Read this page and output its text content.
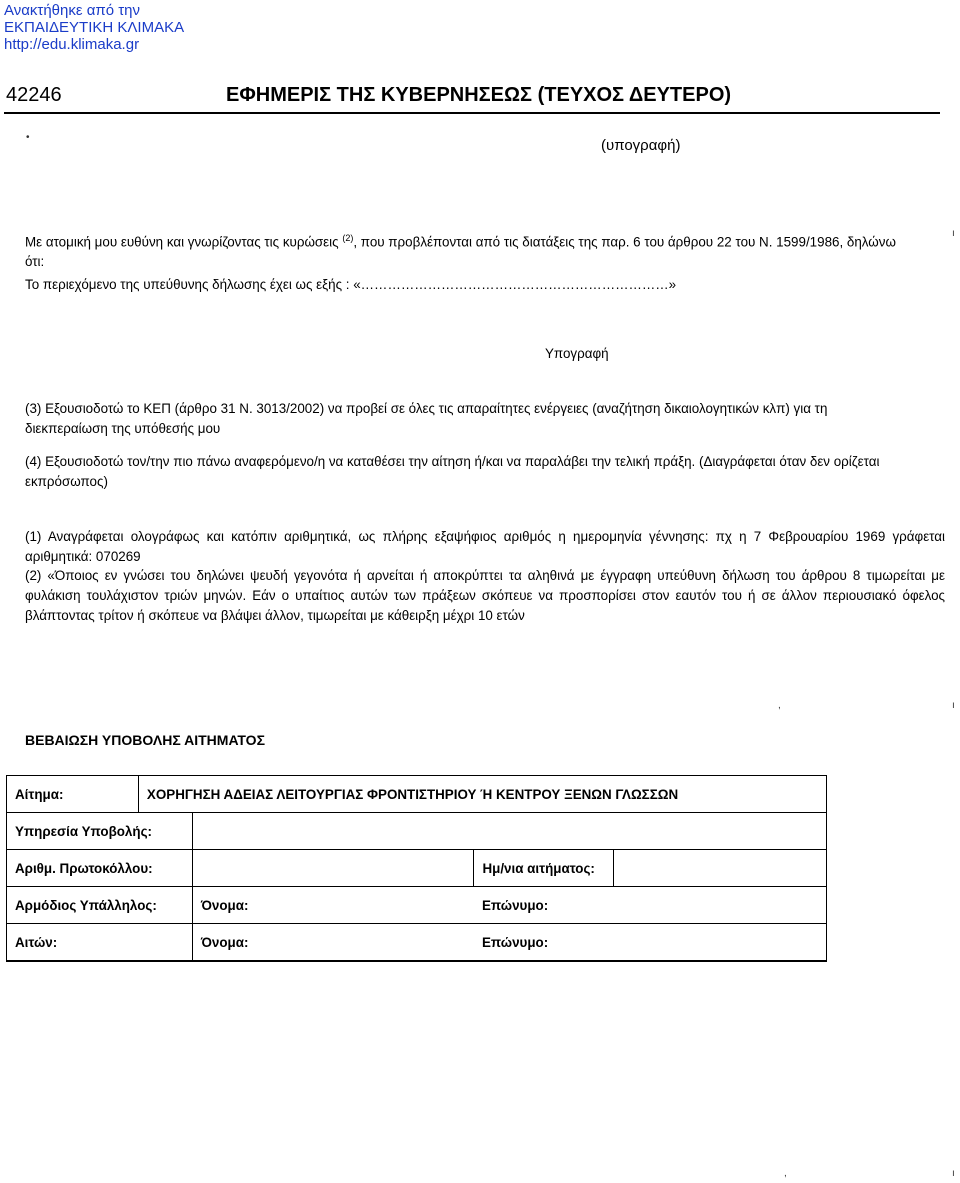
Ανακτήθηκε από την
ΕΚΠΑΙΔΕΥΤΙΚΗ ΚΛΙΜΑΚΑ
http://edu.klimaka.gr
42246	ΕΦΗΜΕΡΙΣ ΤΗΣ ΚΥΒΕΡΝΗΣΕΩΣ (ΤΕΥΧΟΣ ΔΕΥΤΕΡΟ)
•	(υπογραφή)
Με ατομική μου ευθύνη και γνωρίζοντας τις κυρώσεις $^{(2)}$, που προβλέπονται από τις διατάξεις της παρ. 6 του άρθρου 22 του Ν. 1599/1986, δηλώνω ότι:
Το περιεχόμενο της υπεύθυνης δήλωσης έχει ως εξής : «……………………………………………………………»
Υπογραφή
(3) Εξουσιοδοτώ το ΚΕΠ (άρθρο 31 Ν. 3013/2002) να προβεί σε όλες τις απαραίτητες ενέργειες (αναζήτηση δικαιολογητικών κλπ) για τη διεκπεραίωση της υπόθεσής μου
(4) Εξουσιοδοτώ τον/την πιο πάνω αναφερόμενο/η να καταθέσει την αίτηση ή/και να παραλάβει την τελική πράξη. (Διαγράφεται όταν δεν ορίζεται εκπρόσωπος)
(1) Αναγράφεται ολογράφως και κατόπιν αριθμητικά, ως πλήρης εξαψήφιος αριθμός η ημερομηνία γέννησης: πχ η 7 Φεβρουαρίου 1969 γράφεται αριθμητικά: 070269
(2) «Όποιος εν γνώσει του δηλώνει ψευδή γεγονότα ή αρνείται ή αποκρύπτει τα αληθινά με έγγραφη υπεύθυνη δήλωση του άρθρου 8 τιμωρείται με φυλάκιση τουλάχιστον τριών μηνών. Εάν ο υπαίτιος αυτών των πράξεων σκόπευε να προσπορίσει στον εαυτόν του ή σε άλλον περιουσιακό όφελος βλάπτοντας τρίτον ή σκόπευε να βλάψει άλλον, τιμωρείται με κάθειρξη μέχρι 10 ετών
ΒΕΒΑΙΩΣΗ ΥΠΟΒΟΛΗΣ ΑΙΤΗΜΑΤΟΣ
Αίτημα:	ΧΟΡΗΓΗΣΗ ΑΔΕΙΑΣ ΛΕΙΤΟΥΡΓΙΑΣ ΦΡΟΝΤΙΣΤΗΡΙΟΥ Ή ΚΕΝΤΡΟΥ ΞΕΝΩΝ ΓΛΩΣΣΩΝ			
Υπηρεσία Υποβολής:				
Αριθμ. Πρωτοκόλλου:			Ημ/νια αιτήματος:	
Αρμόδιος Υπάλληλος:		Όνομα:	Επώνυμο:	
Αιτών:		Όνομα:	Επώνυμο:	
ı
ı
,
ı
,
